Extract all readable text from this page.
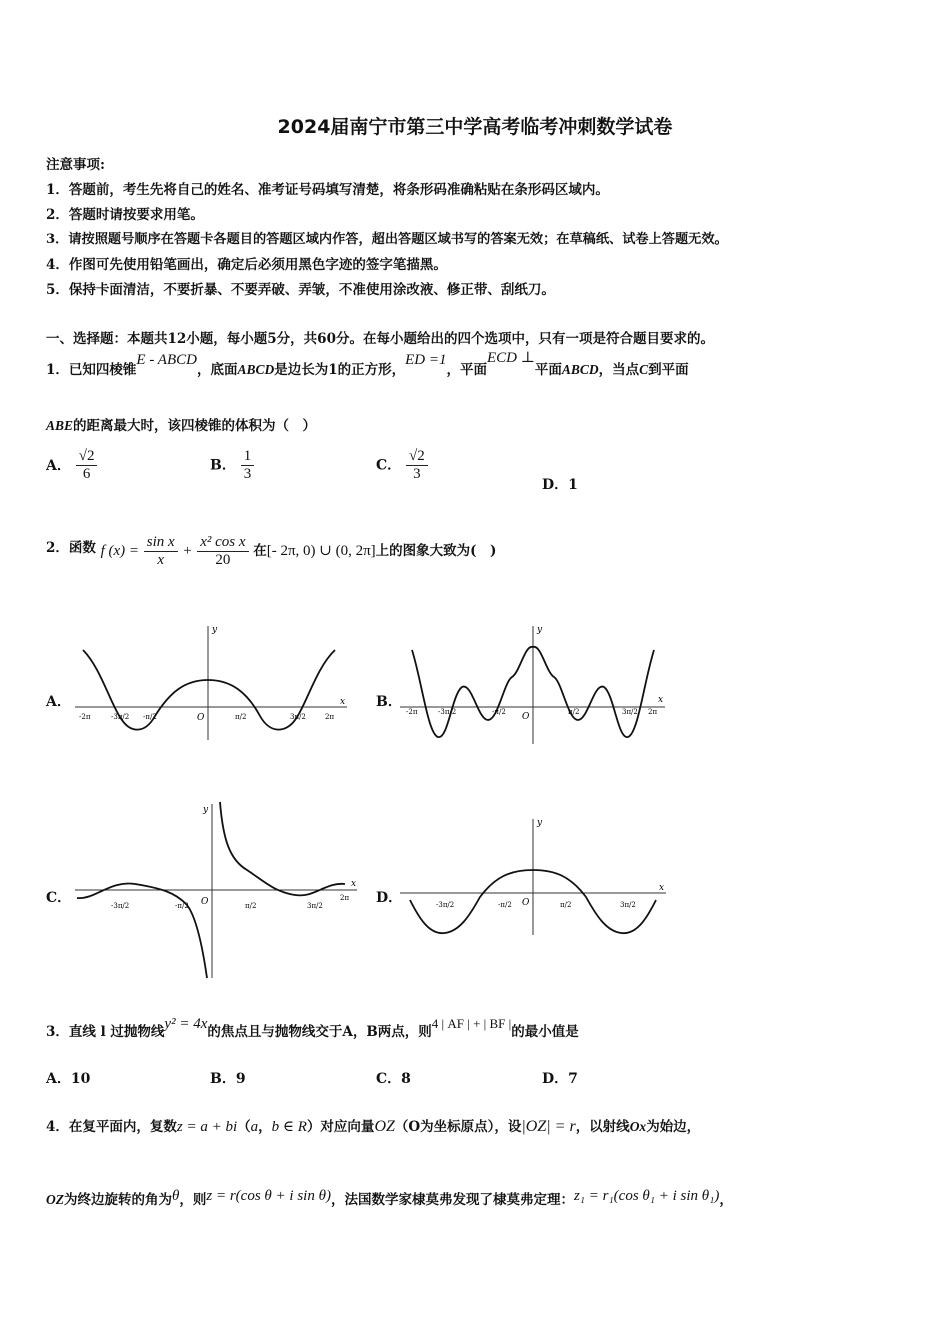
2024届南宁市第三中学高考临考冲刺数学试卷
注意事项:
1．答题前，考生先将自己的姓名、准考证号码填写清楚，将条形码准确粘贴在条形码区域内。
2．答题时请按要求用笔。
3．请按照题号顺序在答题卡各题目的答题区域内作答，超出答题区域书写的答案无效；在草稿纸、试卷上答题无效。
4．作图可先使用铅笔画出，确定后必须用黑色字迹的签字笔描黑。
5．保持卡面清洁，不要折暴、不要弄破、弄皱，不准使用涂改液、修正带、刮纸刀。
一、选择题：本题共12小题，每小题5分，共60分。在每小题给出的四个选项中，只有一项是符合题目要求的。
1．已知四棱锥E - ABCD，底面ABCD是边长为1的正方形，ED =1，平面ECD ⊥平面ABCD，当点C到平面
ABE的距离最大时，该四棱锥的体积为（　）
A． $\frac{√2}{6}$	B． $\frac{1}{3}$	C． $\frac{√2}{3}$
D．1
2．函数 f $(x) = \frac{\text{sin x}}{x} + \frac{\text{x² cos x}}{20}$ 在[- 2π, 0) ∪ (0, 2π]上的图象大致为(　)
A．	B．
C．	D．
x
y
O
-2π	-3π/2 -π/2	π/2	3π/2	2π
x
y
O
-2π	-3π/2	-π/2	π/2	3π/2 2π
x
y
O
-3π/2	-π/2	π/2	3π/2
2π
x
y
O
-3π/2	-π/2	π/2	3π/2
3．直线 l 过抛物线y² = 4x的焦点且与抛物线交于A，B两点，则4 | AF | + | BF |的最小值是
A．10	B．9	C．8	D．7
4．在复平面内，复数z = a + bi（a，b ∈ R）对应向量OZ（O为坐标原点），设|OZ| = r，以射线Ox为始边，
OZ为终边旋转的角为θ，则z = r(cos θ + i sin θ)，法国数学家棣莫弗发现了棣莫弗定理：z₁ = r₁(cos θ₁ + i sin θ₁)，
